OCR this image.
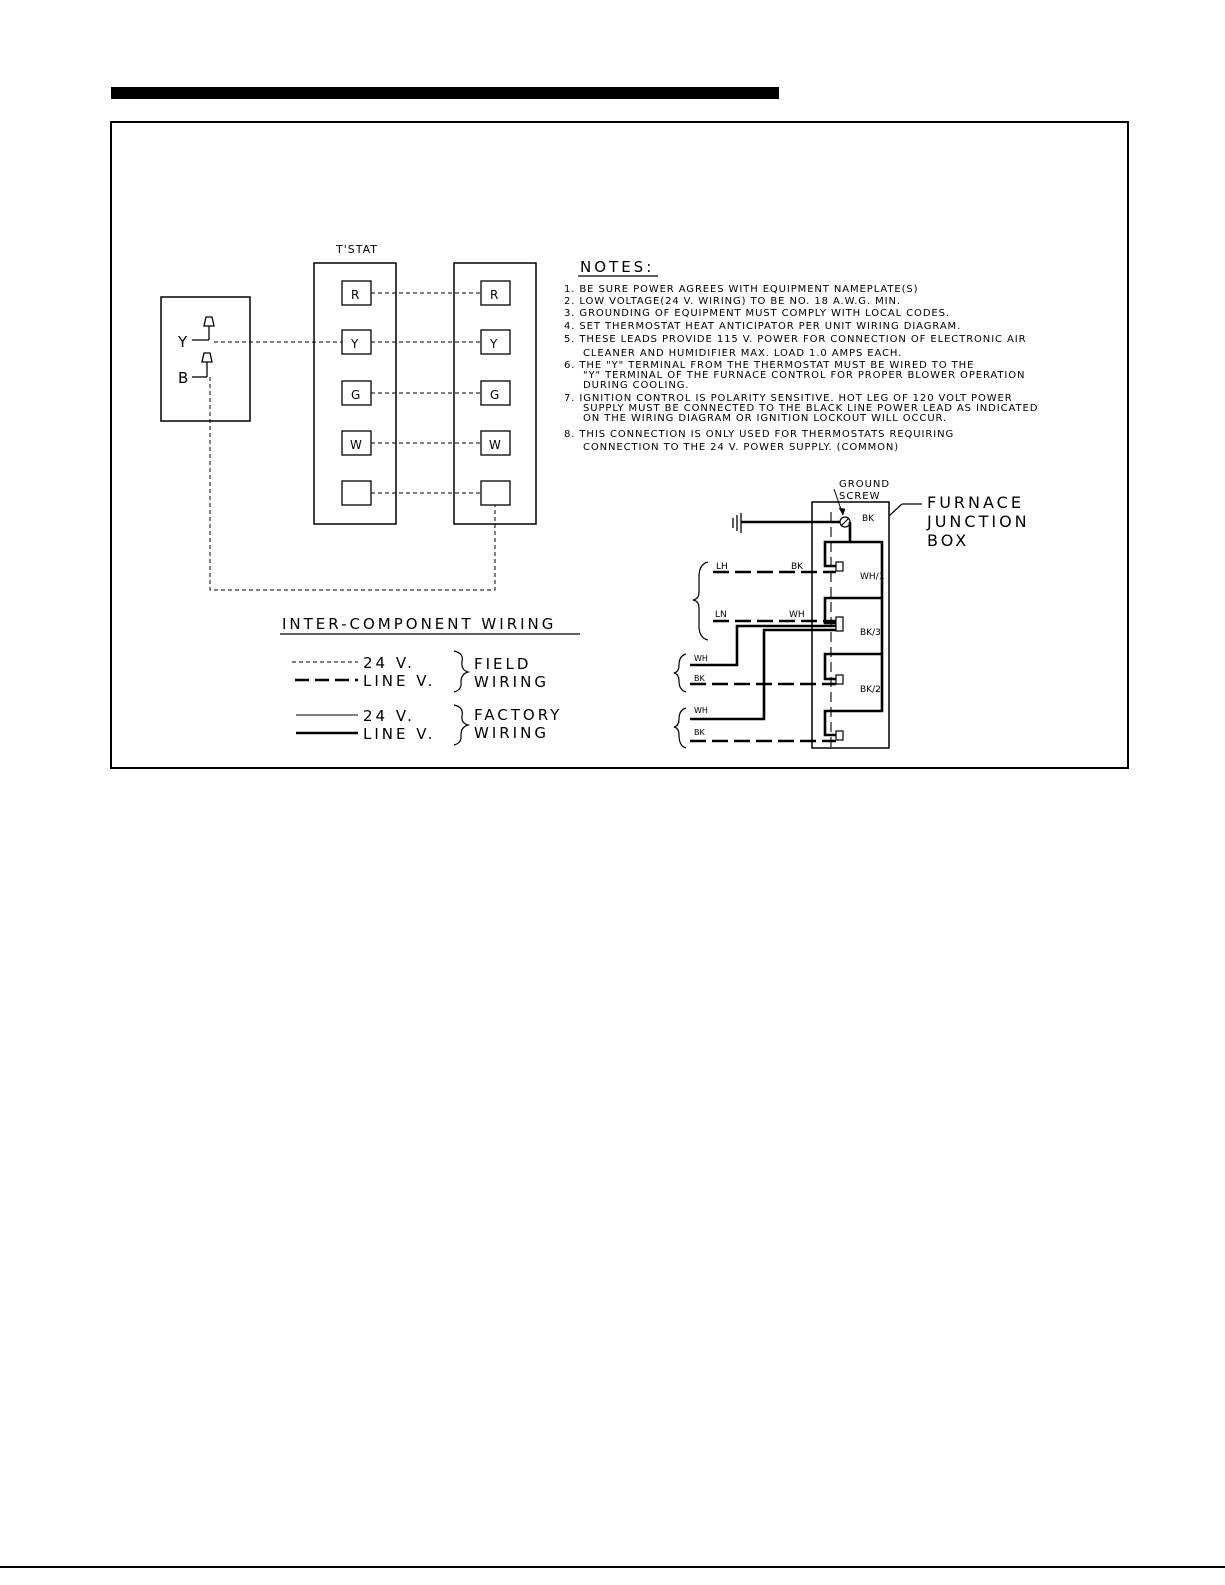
Y
B
T'STAT
R
Y
G
W
R
Y
G
W
NOTES:
1. BE SURE POWER AGREES WITH EQUIPMENT NAMEPLATE(S)
2. LOW VOLTAGE(24 V. WIRING) TO BE NO. 18 A.W.G. MIN.
3. GROUNDING OF EQUIPMENT MUST COMPLY WITH LOCAL CODES.
4. SET THERMOSTAT HEAT ANTICIPATOR PER UNIT WIRING DIAGRAM.
5. THESE LEADS PROVIDE 115 V. POWER FOR CONNECTION OF ELECTRONIC AIR
CLEANER AND HUMIDIFIER MAX. LOAD 1.0 AMPS EACH.
6. THE "Y" TERMINAL FROM THE THERMOSTAT MUST BE WIRED TO THE
"Y" TERMINAL OF THE FURNACE CONTROL FOR PROPER BLOWER OPERATION
DURING COOLING.
7. IGNITION CONTROL IS POLARITY SENSITIVE. HOT LEG OF 120 VOLT POWER
SUPPLY MUST BE CONNECTED TO THE BLACK LINE POWER LEAD AS INDICATED
ON THE WIRING DIAGRAM OR IGNITION LOCKOUT WILL OCCUR.
8. THIS CONNECTION IS ONLY USED FOR THERMOSTATS REQUIRING
CONNECTION TO THE 24 V. POWER SUPPLY. (COMMON)
INTER-COMPONENT WIRING
24 V.
LINE V.
24 V.
LINE V.
FIELD
WIRING
FACTORY
WIRING
FURNACE
JUNCTION
BOX
GROUND
SCREW
BK
WH/1
BK/3
BK/2
LH
LN
BK
WH
WH
BK
WH
BK
